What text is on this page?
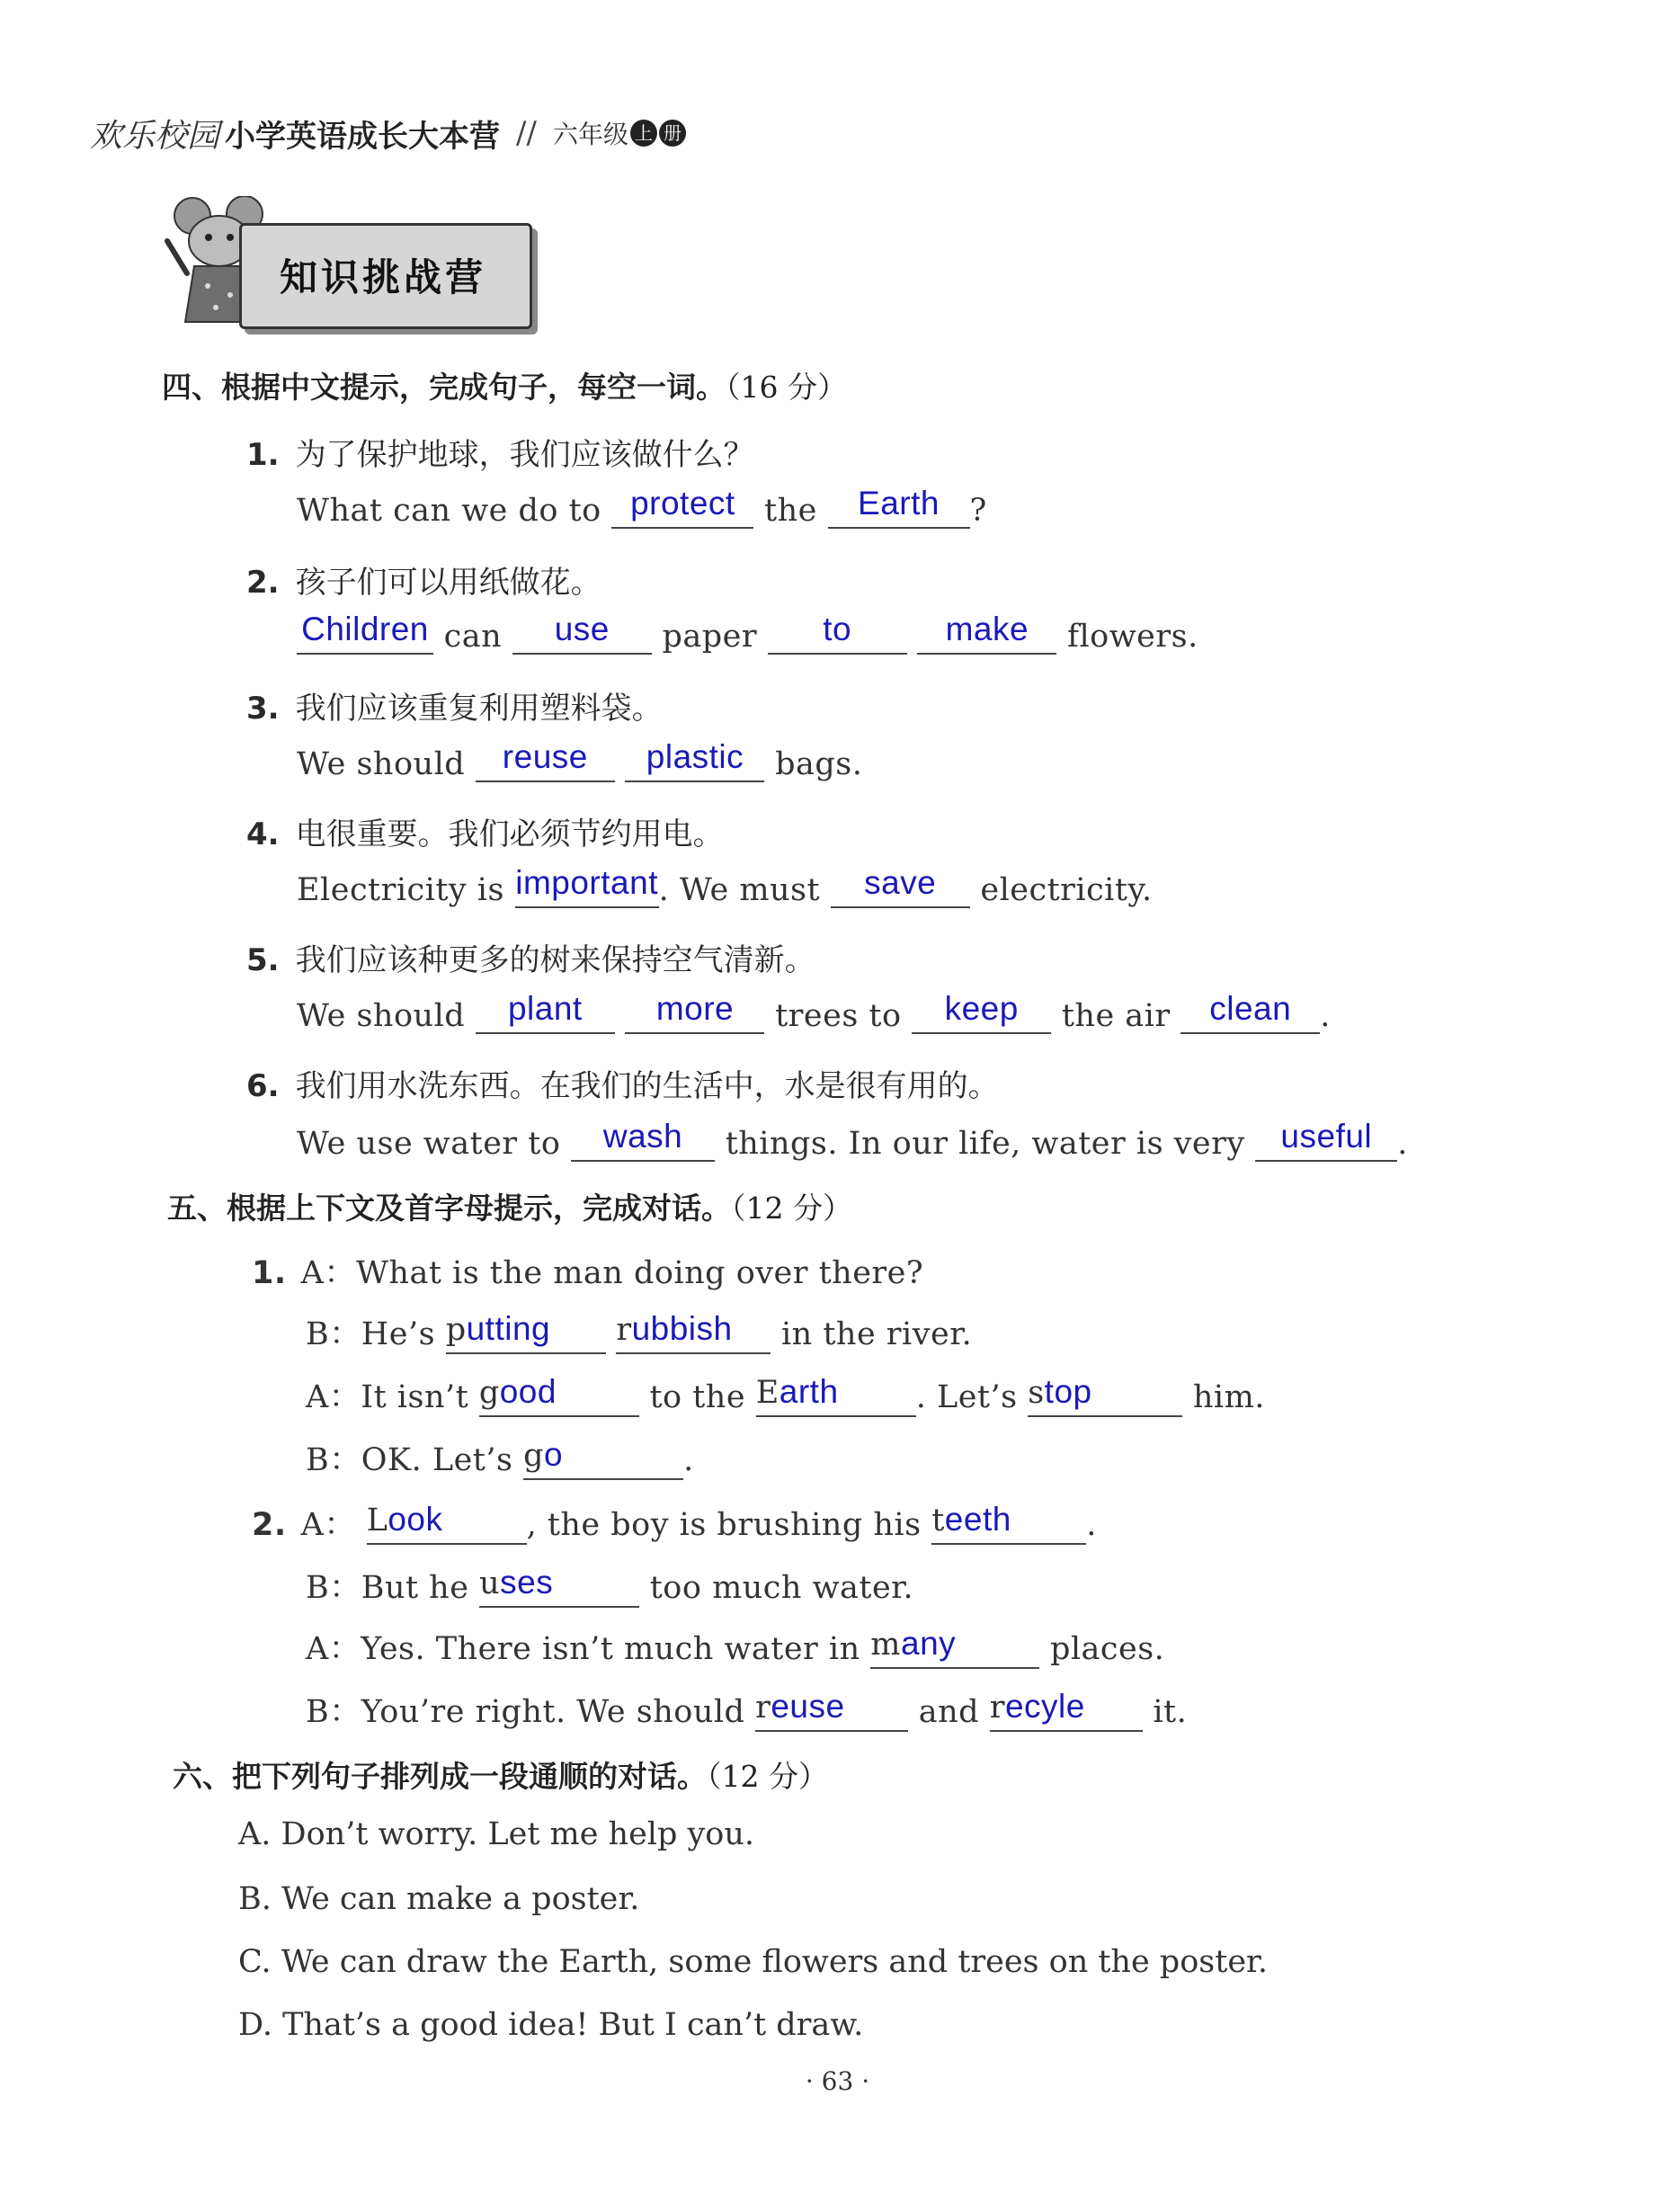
欢乐校园 小学英语成长大本营 // 六年级 上 册
知识挑战营
四、根据中文提示，完成句子，每空一词。（16 分）
1. 为了保护地球，我们应该做什么？
What can we do to protect the Earth ?
2. 孩子们可以用纸做花。
Children can use paper to	make flowers.
3. 我们应该重复利用塑料袋。
We should reuse plastic bags.
4. 电很重要。我们必须节约用电。
Electricity is important. We must save electricity.
5. 我们应该种更多的树来保持空气清新。
We should plant more trees to keep the air clean .
6. 我们用水洗东西。在我们的生活中，水是很有用的。
We use water to wash things. In our life, water is very useful .
五、根据上下文及首字母提示，完成对话。（12 分）
1. A：What is the man doing over there?
B：He’s putting rubbish in the river.
A：It isn’t good	to the Earth . Let’s stop	him.
B：OK. Let’s go	.
2. A： Look	, the boy is brushing his teeth .
B：But he uses	too much water.
A：Yes. There isn’t much water in many	places.
B：You’re right. We should reuse and recyle it.
六、把下列句子排列成一段通顺的对话。（12 分）
A. Don’t worry. Let me help you.
B. We can make a poster.
C. We can draw the Earth, some flowers and trees on the poster.
D. That’s a good idea! But I can’t draw.
· 63 ·
